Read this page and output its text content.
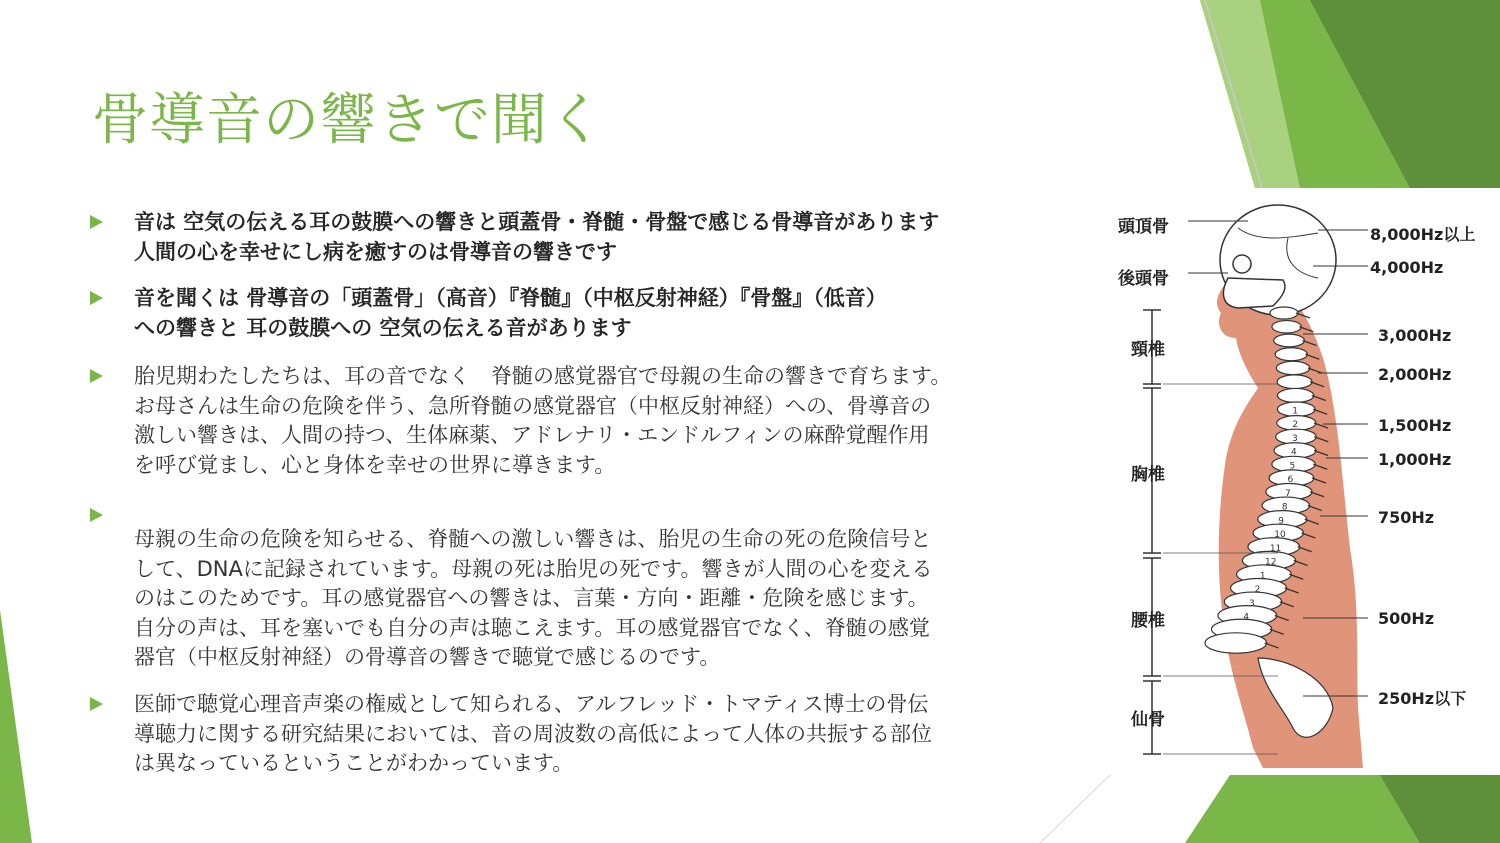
骨導音の響きで聞く
音は 空気の伝える耳の鼓膜への響きと頭蓋骨・脊髄・骨盤で感じる骨導音があります
人間の心を幸せにし病を癒すのは骨導音の響きです
音を聞くは 骨導音の「頭蓋骨」（高音）『脊髄』（中枢反射神経）『骨盤』（低音）
への響きと 耳の鼓膜への 空気の伝える音があります
胎児期わたしたちは、耳の音でなく　脊髄の感覚器官で母親の生命の響きで育ちます。
お母さんは生命の危険を伴う、急所脊髄の感覚器官（中枢反射神経）への、骨導音の
激しい響きは、人間の持つ、生体麻薬、アドレナリ・エンドルフィンの麻酔覚醒作用
を呼び覚まし、心と身体を幸せの世界に導きます。
母親の生命の危険を知らせる、脊髄への激しい響きは、胎児の生命の死の危険信号と
して、DNAに記録されています。母親の死は胎児の死です。響きが人間の心を変える
のはこのためです。耳の感覚器官への響きは、言葉・方向・距離・危険を感じます。
自分の声は、耳を塞いでも自分の声は聴こえます。耳の感覚器官でなく、脊髄の感覚
器官（中枢反射神経）の骨導音の響きで聴覚で感じるのです。
医師で聴覚心理音声楽の権威として知られる、アルフレッド・トマティス博士の骨伝
導聴力に関する研究結果においては、音の周波数の高低によって人体の共振する部位
は異なっているということがわかっています。
1
2
3
4
5
6
7
8
9
10
11
12
1
2
3
4
頭頂骨
後頭骨
頸椎
胸椎
腰椎
仙骨
8,000Hz以上
4,000Hz
3,000Hz
2,000Hz
1,500Hz
1,000Hz
750Hz
500Hz
250Hz以下
